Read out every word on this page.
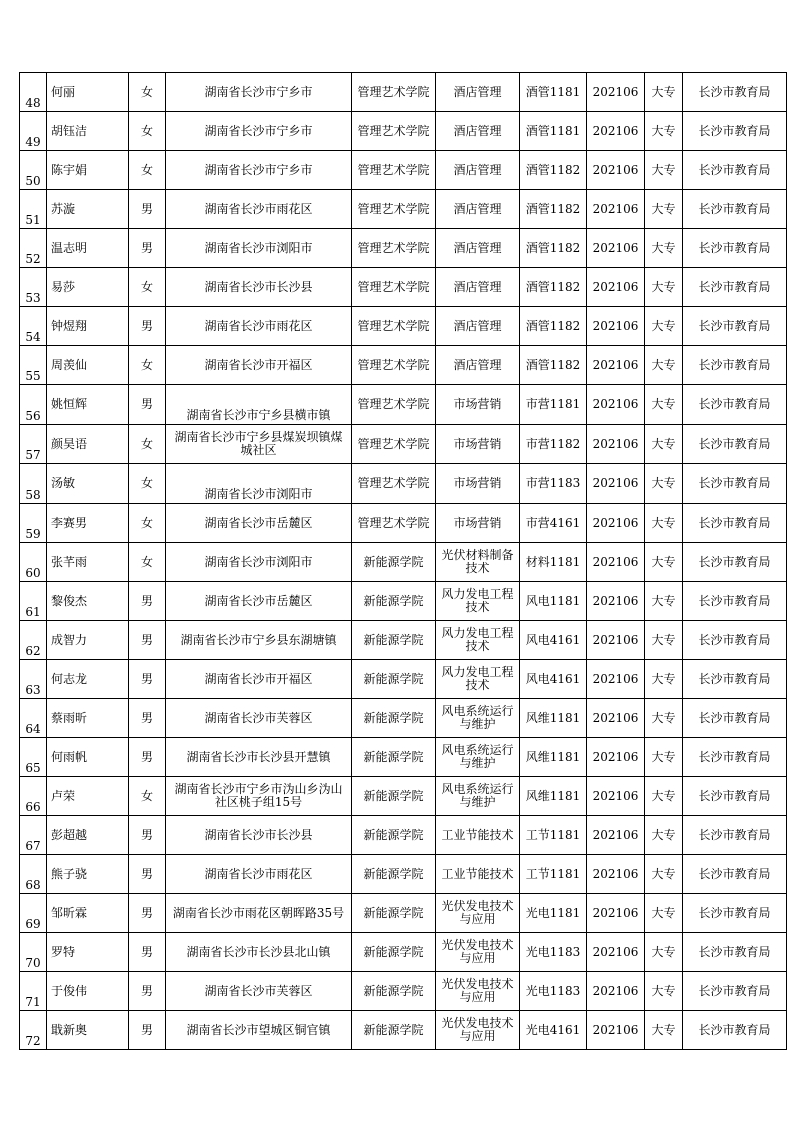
48	何丽	女	湖南省长沙市宁乡市	管理艺术学院	酒店管理	酒管1181	202106	大专	长沙市教育局
49	胡钰洁	女	湖南省长沙市宁乡市	管理艺术学院	酒店管理	酒管1181	202106	大专	长沙市教育局
50	陈宇娟	女	湖南省长沙市宁乡市	管理艺术学院	酒店管理	酒管1182	202106	大专	长沙市教育局
51	苏漩	男	湖南省长沙市雨花区	管理艺术学院	酒店管理	酒管1182	202106	大专	长沙市教育局
52	温志明	男	湖南省长沙市浏阳市	管理艺术学院	酒店管理	酒管1182	202106	大专	长沙市教育局
53	易莎	女	湖南省长沙市长沙县	管理艺术学院	酒店管理	酒管1182	202106	大专	长沙市教育局
54	钟煜翔	男	湖南省长沙市雨花区	管理艺术学院	酒店管理	酒管1182	202106	大专	长沙市教育局
55	周羡仙	女	湖南省长沙市开福区	管理艺术学院	酒店管理	酒管1182	202106	大专	长沙市教育局
56	姚恒辉	男	湖南省长沙市宁乡县横市镇	管理艺术学院	市场营销	市营1181	202106	大专	长沙市教育局
57	颜昊语	女	湖南省长沙市宁乡县煤炭坝镇煤城社区	管理艺术学院	市场营销	市营1182	202106	大专	长沙市教育局
58	汤敏	女	湖南省长沙市浏阳市	管理艺术学院	市场营销	市营1183	202106	大专	长沙市教育局
59	李赛男	女	湖南省长沙市岳麓区	管理艺术学院	市场营销	市营4161	202106	大专	长沙市教育局
60	张芊雨	女	湖南省长沙市浏阳市	新能源学院	光伏材料制备技术	材料1181	202106	大专	长沙市教育局
61	黎俊杰	男	湖南省长沙市岳麓区	新能源学院	风力发电工程技术	风电1181	202106	大专	长沙市教育局
62	成智力	男	湖南省长沙市宁乡县东湖塘镇	新能源学院	风力发电工程技术	风电4161	202106	大专	长沙市教育局
63	何志龙	男	湖南省长沙市开福区	新能源学院	风力发电工程技术	风电4161	202106	大专	长沙市教育局
64	蔡雨昕	男	湖南省长沙市芙蓉区	新能源学院	风电系统运行与维护	风维1181	202106	大专	长沙市教育局
65	何雨帆	男	湖南省长沙市长沙县开慧镇	新能源学院	风电系统运行与维护	风维1181	202106	大专	长沙市教育局
66	卢荣	女	湖南省长沙市宁乡市沩山乡沩山社区桃子组15号	新能源学院	风电系统运行与维护	风维1181	202106	大专	长沙市教育局
67	彭超越	男	湖南省长沙市长沙县	新能源学院	工业节能技术	工节1181	202106	大专	长沙市教育局
68	熊子骁	男	湖南省长沙市雨花区	新能源学院	工业节能技术	工节1181	202106	大专	长沙市教育局
69	邹昕霖	男	湖南省长沙市雨花区朝晖路35号	新能源学院	光伏发电技术与应用	光电1181	202106	大专	长沙市教育局
70	罗特	男	湖南省长沙市长沙县北山镇	新能源学院	光伏发电技术与应用	光电1183	202106	大专	长沙市教育局
71	于俊伟	男	湖南省长沙市芙蓉区	新能源学院	光伏发电技术与应用	光电1183	202106	大专	长沙市教育局
72	戢新奥	男	湖南省长沙市望城区铜官镇	新能源学院	光伏发电技术与应用	光电4161	202106	大专	长沙市教育局
